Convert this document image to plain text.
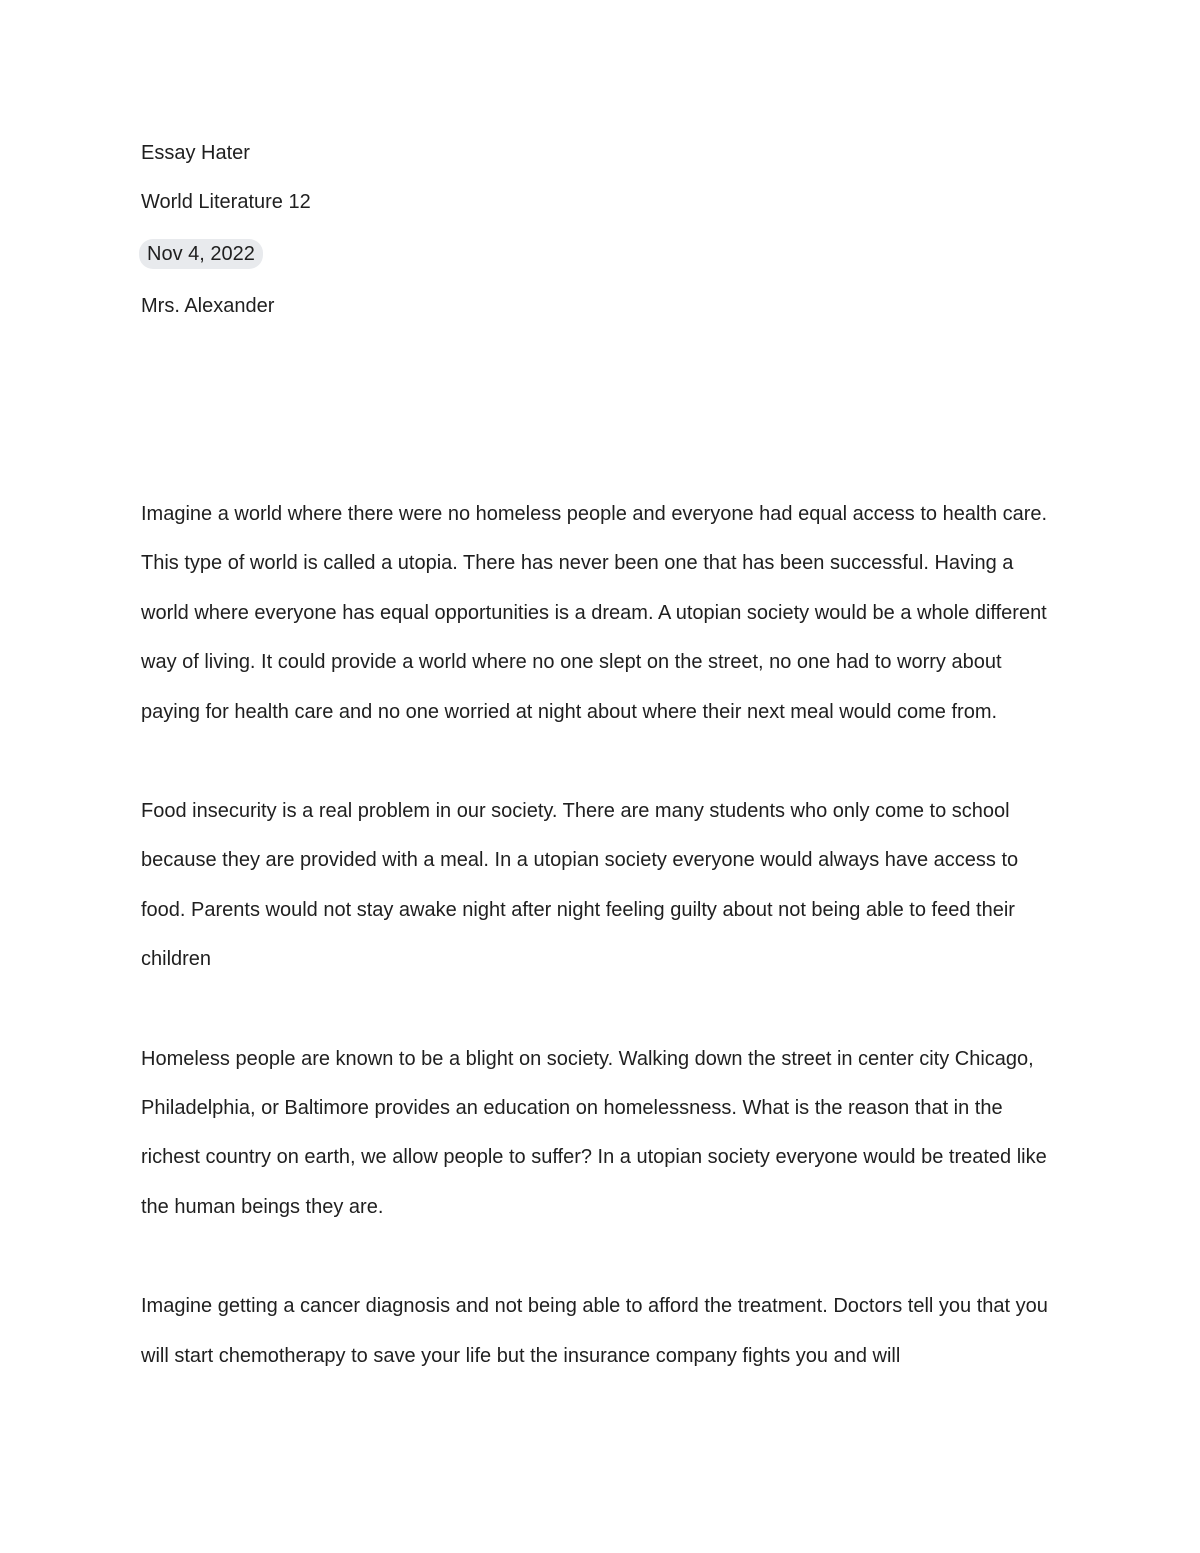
Essay Hater
World Literature 12
Nov 4, 2022
Mrs. Alexander

Imagine a world where there were no homeless people and everyone had equal access to health care. This type of world is called a utopia. There has never been one that has been successful. Having a world where everyone has equal opportunities is a dream. A utopian society would be a whole different way of living. It could provide a world where no one slept on the street, no one had to worry about paying for health care and no one worried at night about where their next meal would come from.

Food insecurity is a real problem in our society. There are many students who only come to school because they are provided with a meal. In a utopian society everyone would always have access to food. Parents would not stay awake night after night feeling guilty about not being able to feed their children

Homeless people are known to be a blight on society. Walking down the street in center city Chicago, Philadelphia, or Baltimore provides an education on homelessness. What is the reason that in the richest country on earth, we allow people to suffer? In a utopian society everyone would be treated like the human beings they are.

Imagine getting a cancer diagnosis and not being able to afford the treatment. Doctors tell you that you will start chemotherapy to save your life but the insurance company fights you and will
